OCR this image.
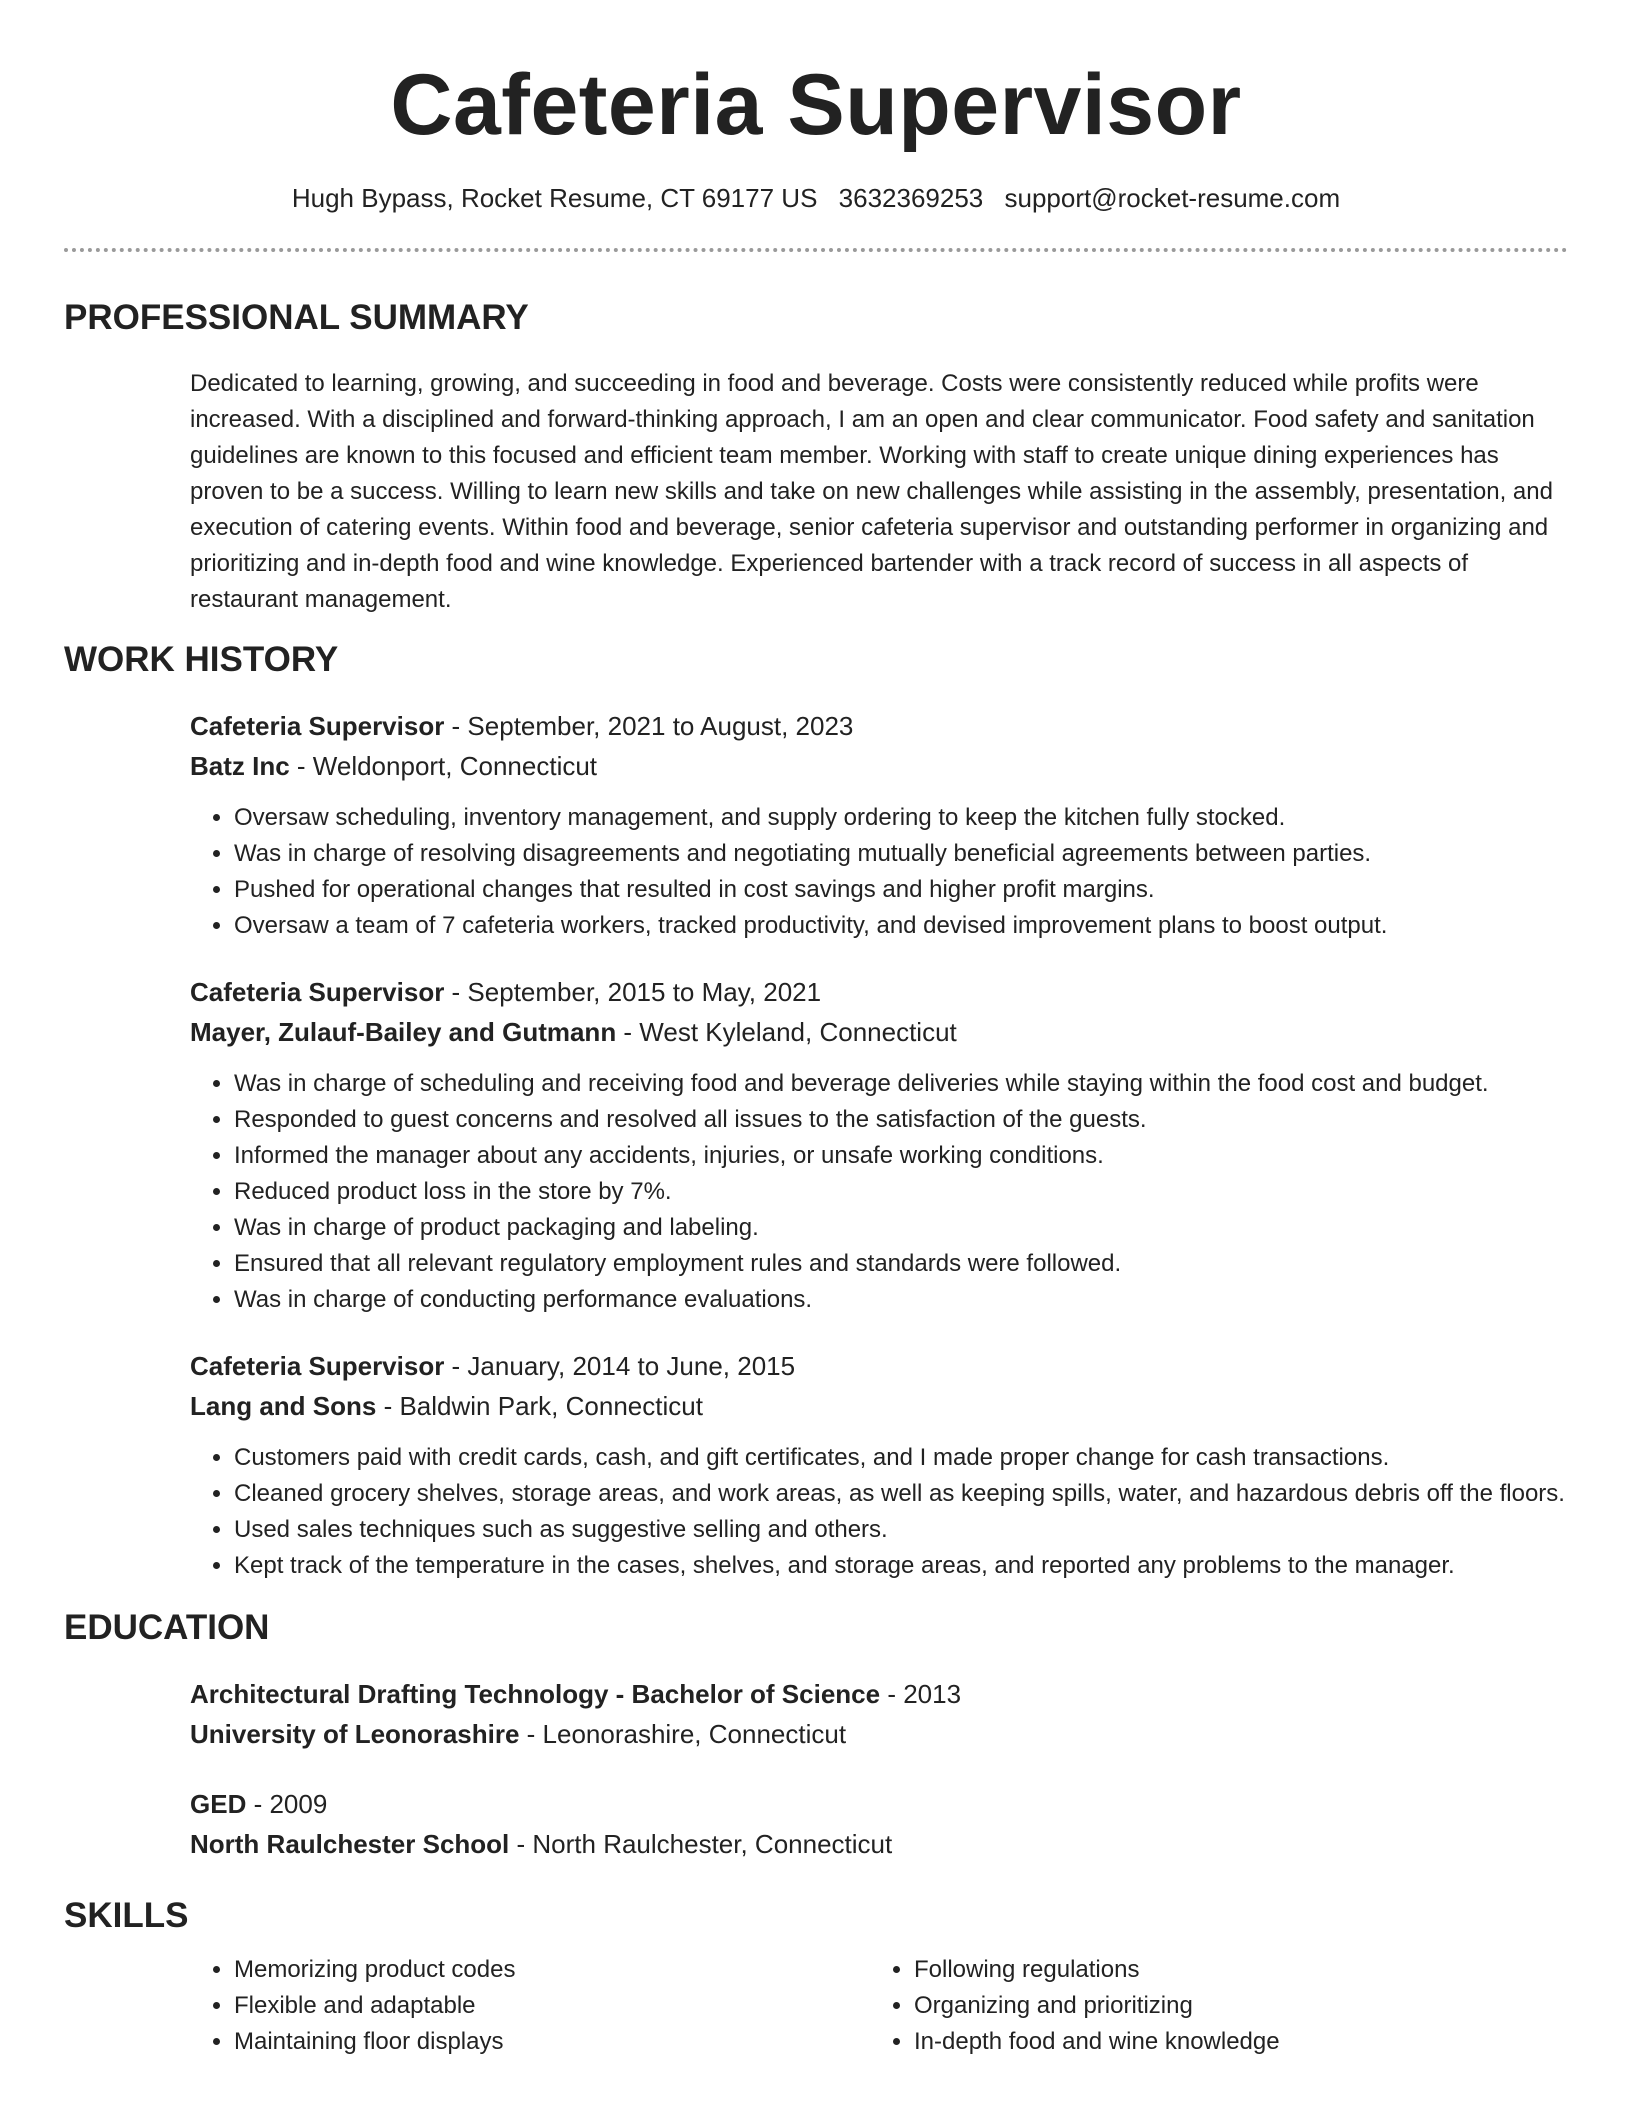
Cafeteria Supervisor
Hugh Bypass, Rocket Resume, CT 69177 US 3632369253 support@rocket-resume.com
PROFESSIONAL SUMMARY
Dedicated to learning, growing, and succeeding in food and beverage. Costs were consistently reduced while profits were increased. With a disciplined and forward-thinking approach, I am an open and clear communicator. Food safety and sanitation guidelines are known to this focused and efficient team member. Working with staff to create unique dining experiences has proven to be a success. Willing to learn new skills and take on new challenges while assisting in the assembly, presentation, and execution of catering events. Within food and beverage, senior cafeteria supervisor and outstanding performer in organizing and prioritizing and in-depth food and wine knowledge. Experienced bartender with a track record of success in all aspects of restaurant management.
WORK HISTORY
Cafeteria Supervisor - September, 2021 to August, 2023
Batz Inc - Weldonport, Connecticut
• Oversaw scheduling, inventory management, and supply ordering to keep the kitchen fully stocked.
• Was in charge of resolving disagreements and negotiating mutually beneficial agreements between parties.
• Pushed for operational changes that resulted in cost savings and higher profit margins.
• Oversaw a team of 7 cafeteria workers, tracked productivity, and devised improvement plans to boost output.
Cafeteria Supervisor - September, 2015 to May, 2021
Mayer, Zulauf-Bailey and Gutmann - West Kyleland, Connecticut
• Was in charge of scheduling and receiving food and beverage deliveries while staying within the food cost and budget.
• Responded to guest concerns and resolved all issues to the satisfaction of the guests.
• Informed the manager about any accidents, injuries, or unsafe working conditions.
• Reduced product loss in the store by 7%.
• Was in charge of product packaging and labeling.
• Ensured that all relevant regulatory employment rules and standards were followed.
• Was in charge of conducting performance evaluations.
Cafeteria Supervisor - January, 2014 to June, 2015
Lang and Sons - Baldwin Park, Connecticut
• Customers paid with credit cards, cash, and gift certificates, and I made proper change for cash transactions.
• Cleaned grocery shelves, storage areas, and work areas, as well as keeping spills, water, and hazardous debris off the floors.
• Used sales techniques such as suggestive selling and others.
• Kept track of the temperature in the cases, shelves, and storage areas, and reported any problems to the manager.
EDUCATION
Architectural Drafting Technology - Bachelor of Science - 2013
University of Leonorashire - Leonorashire, Connecticut
GED - 2009
North Raulchester School - North Raulchester, Connecticut
SKILLS
• Memorizing product codes
• Flexible and adaptable
• Maintaining floor displays
• Following regulations
• Organizing and prioritizing
• In-depth food and wine knowledge
